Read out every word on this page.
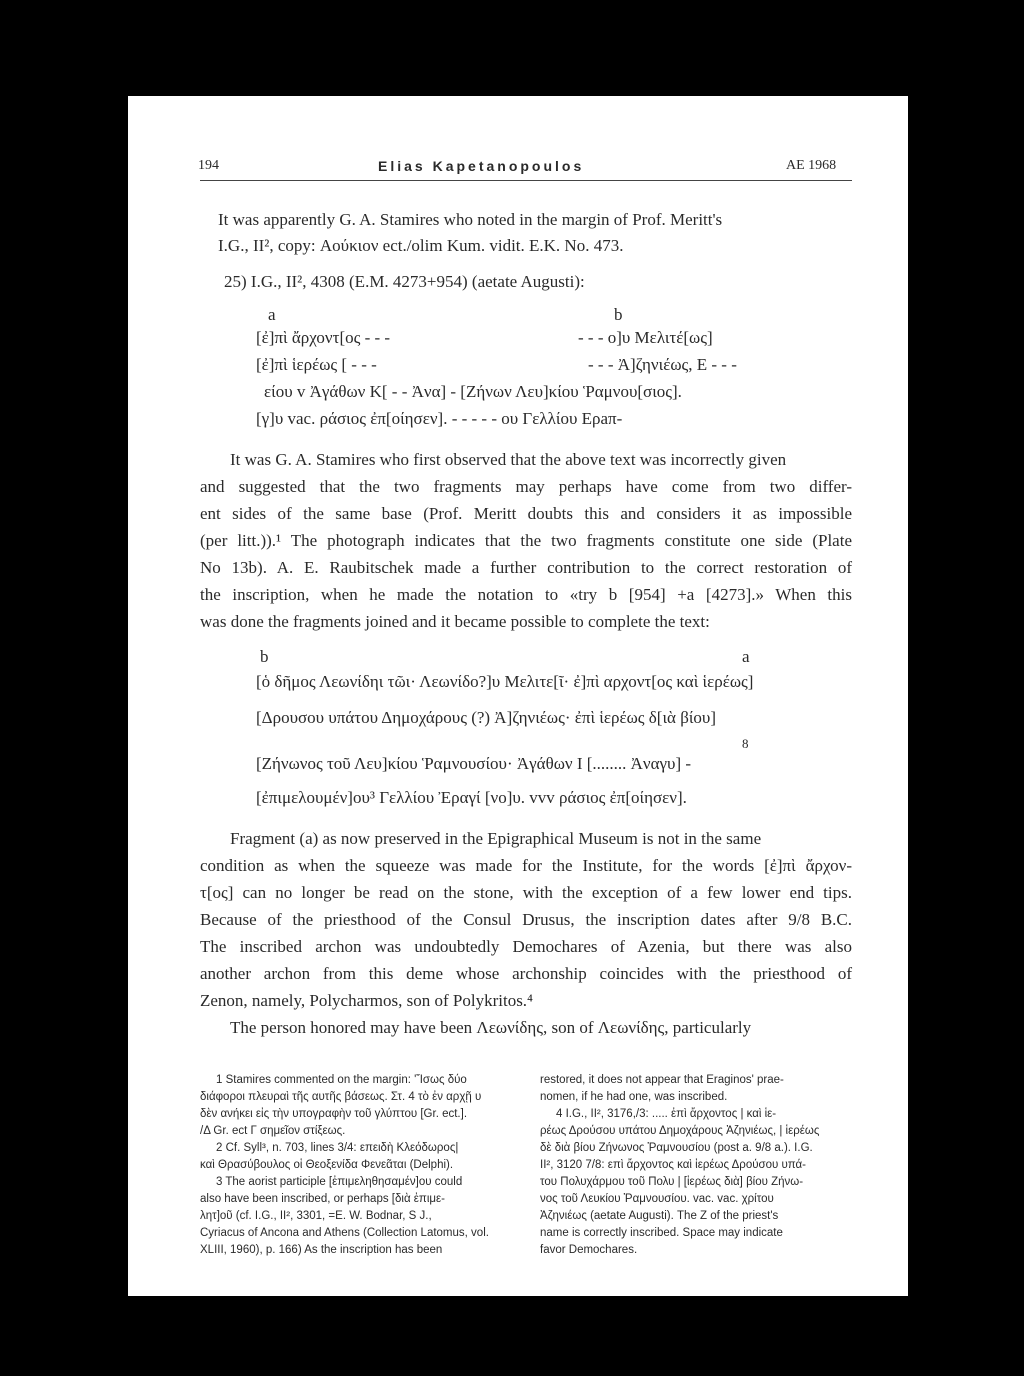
194	Elias Kapetanopoulos	ΑΕ 1968
It was apparently G. A. Stamires who noted in the margin of Prof. Meritt's
I.G., II², copy: Αούκιον ect./olim Kum. vidit. E.K. No. 473.
25) I.G., II², 4308 (E.M. 4273+954) (aetate Augusti):
a	b
[ἐ]πὶ ἄρχοντ[ος - - -	- - - ο]υ Μελιτέ[ως]
[ἐ]πὶ ἱερέως [ - - -	- - - Ἀ]ζηνιέως, Ε - - -
είου v Ἀγάθων Κ[ - - Ἀνα] - [Ζήνων Λευ]κίου Ῥαμνου[σιος].
[γ]υ vac. ράσιος ἐπ[οίησεν]. - - - - - ου Γελλίου Ερaπ-
It was G. A. Stamires who first observed that the above text was incorrectly given
and suggested that the two fragments may perhaps have come from two differ-
ent sides of the same base (Prof. Meritt doubts this and considers it as impossible
(per litt.)).¹ The photograph indicates that the two fragments constitute one side (Plate
No 13b). A. E. Raubitschek made a further contribution to the correct restoration of
the inscription, when he made the notation to «try b [954] +a [4273].» When this
was done the fragments joined and it became possible to complete the text:
b	a
[ὁ δῆμος Λεωνίδηι τῶι· Λεωνίδο?]υ Μελιτε[ῖ· ἐ]πὶ αρχοντ[ος καὶ ἱερέως]
[Δρουσου υπάτου Δημοχάρους (?) Ἀ]ζηνιέως· ἐπὶ ἱερέως δ[ιὰ βίου]
8
[Ζήνωνος τοῦ Λευ]κίου Ῥαμνουσίου· Ἀγάθων Ι [........ Ἀναγυ] -
[ἐπιμελουμέν]ου³ Γελλίου Ἐραγί [νο]υ. vvv ράσιος ἐπ[οίησεν].
Fragment (a) as now preserved in the Epigraphical Museum is not in the same
condition as when the squeeze was made for the Institute, for the words [ἐ]πὶ ἄρχον-
τ[ος] can no longer be read on the stone, with the exception of a few lower end tips.
Because of the priesthood of the Consul Drusus, the inscription dates after 9/8 B.C.
The inscribed archon was undoubtedly Demochares of Azenia, but there was also
another archon from this deme whose archonship coincides with the priesthood of
Zenon, namely, Polycharmos, son of Polykritos.⁴
The person honored may have been Λεωνίδης, son of Λεωνίδης, particularly
1 Stamires commented on the margin: 'Ἴσως δύο
διάφοροι πλευραὶ τῆς αυτῆς βάσεως. Στ. 4 τὸ ἐν αρχῇ υ
δὲν ανήκει εἰς τὴν υπογραφὴν τοῦ γλύπτου [Gr. ect.].
/Δ Gr. ect Γ σημεῖον στίξεως.
2 Cf. Syll³, n. 703, lines 3/4: επειδὴ Κλεόδωρος|
καὶ Θρασύβουλος οἱ Θεοξενίδα Φενεᾶται (Delphi).
3 The aorist participle [ἐπιμεληθησαμέν]ου could
also have been inscribed, or perhaps [διὰ ἐπιμε-
λητ]οῦ (cf. I.G., II², 3301, =E. W. Bodnar, S J.,
Cyriacus of Ancona and Athens (Collection Latomus, vol.
XLIII, 1960), p. 166) As the inscription has been
restored, it does not appear that Eraginos' prae-
nomen, if he had one, was inscribed.
4 I.G., II², 3176,/3: ..... ἐπὶ ἄρχοντος | καὶ ἱε-
ρέως Δρούσου υπάτου Δημοχάρους Ἀζηνιέως, | ἱερέως
δὲ διὰ βίου Ζήνωνος Ῥαμνουσίου (post a. 9/8 a.). I.G.
II², 3120 7/8: επὶ ἄρχοντος καὶ ἱερέως Δρούσου υπά-
του Πολυχάρμου τοῦ Πολυ | [ἱερέως διὰ] βίου Ζήνω-
νος τοῦ Λευκίου Ῥαμνουσίου. vac. vac. χρίτου
Ἀζηνιέως (aetate Augusti). The Z of the priest's
name is correctly inscribed. Space may indicate
favor Demochares.
